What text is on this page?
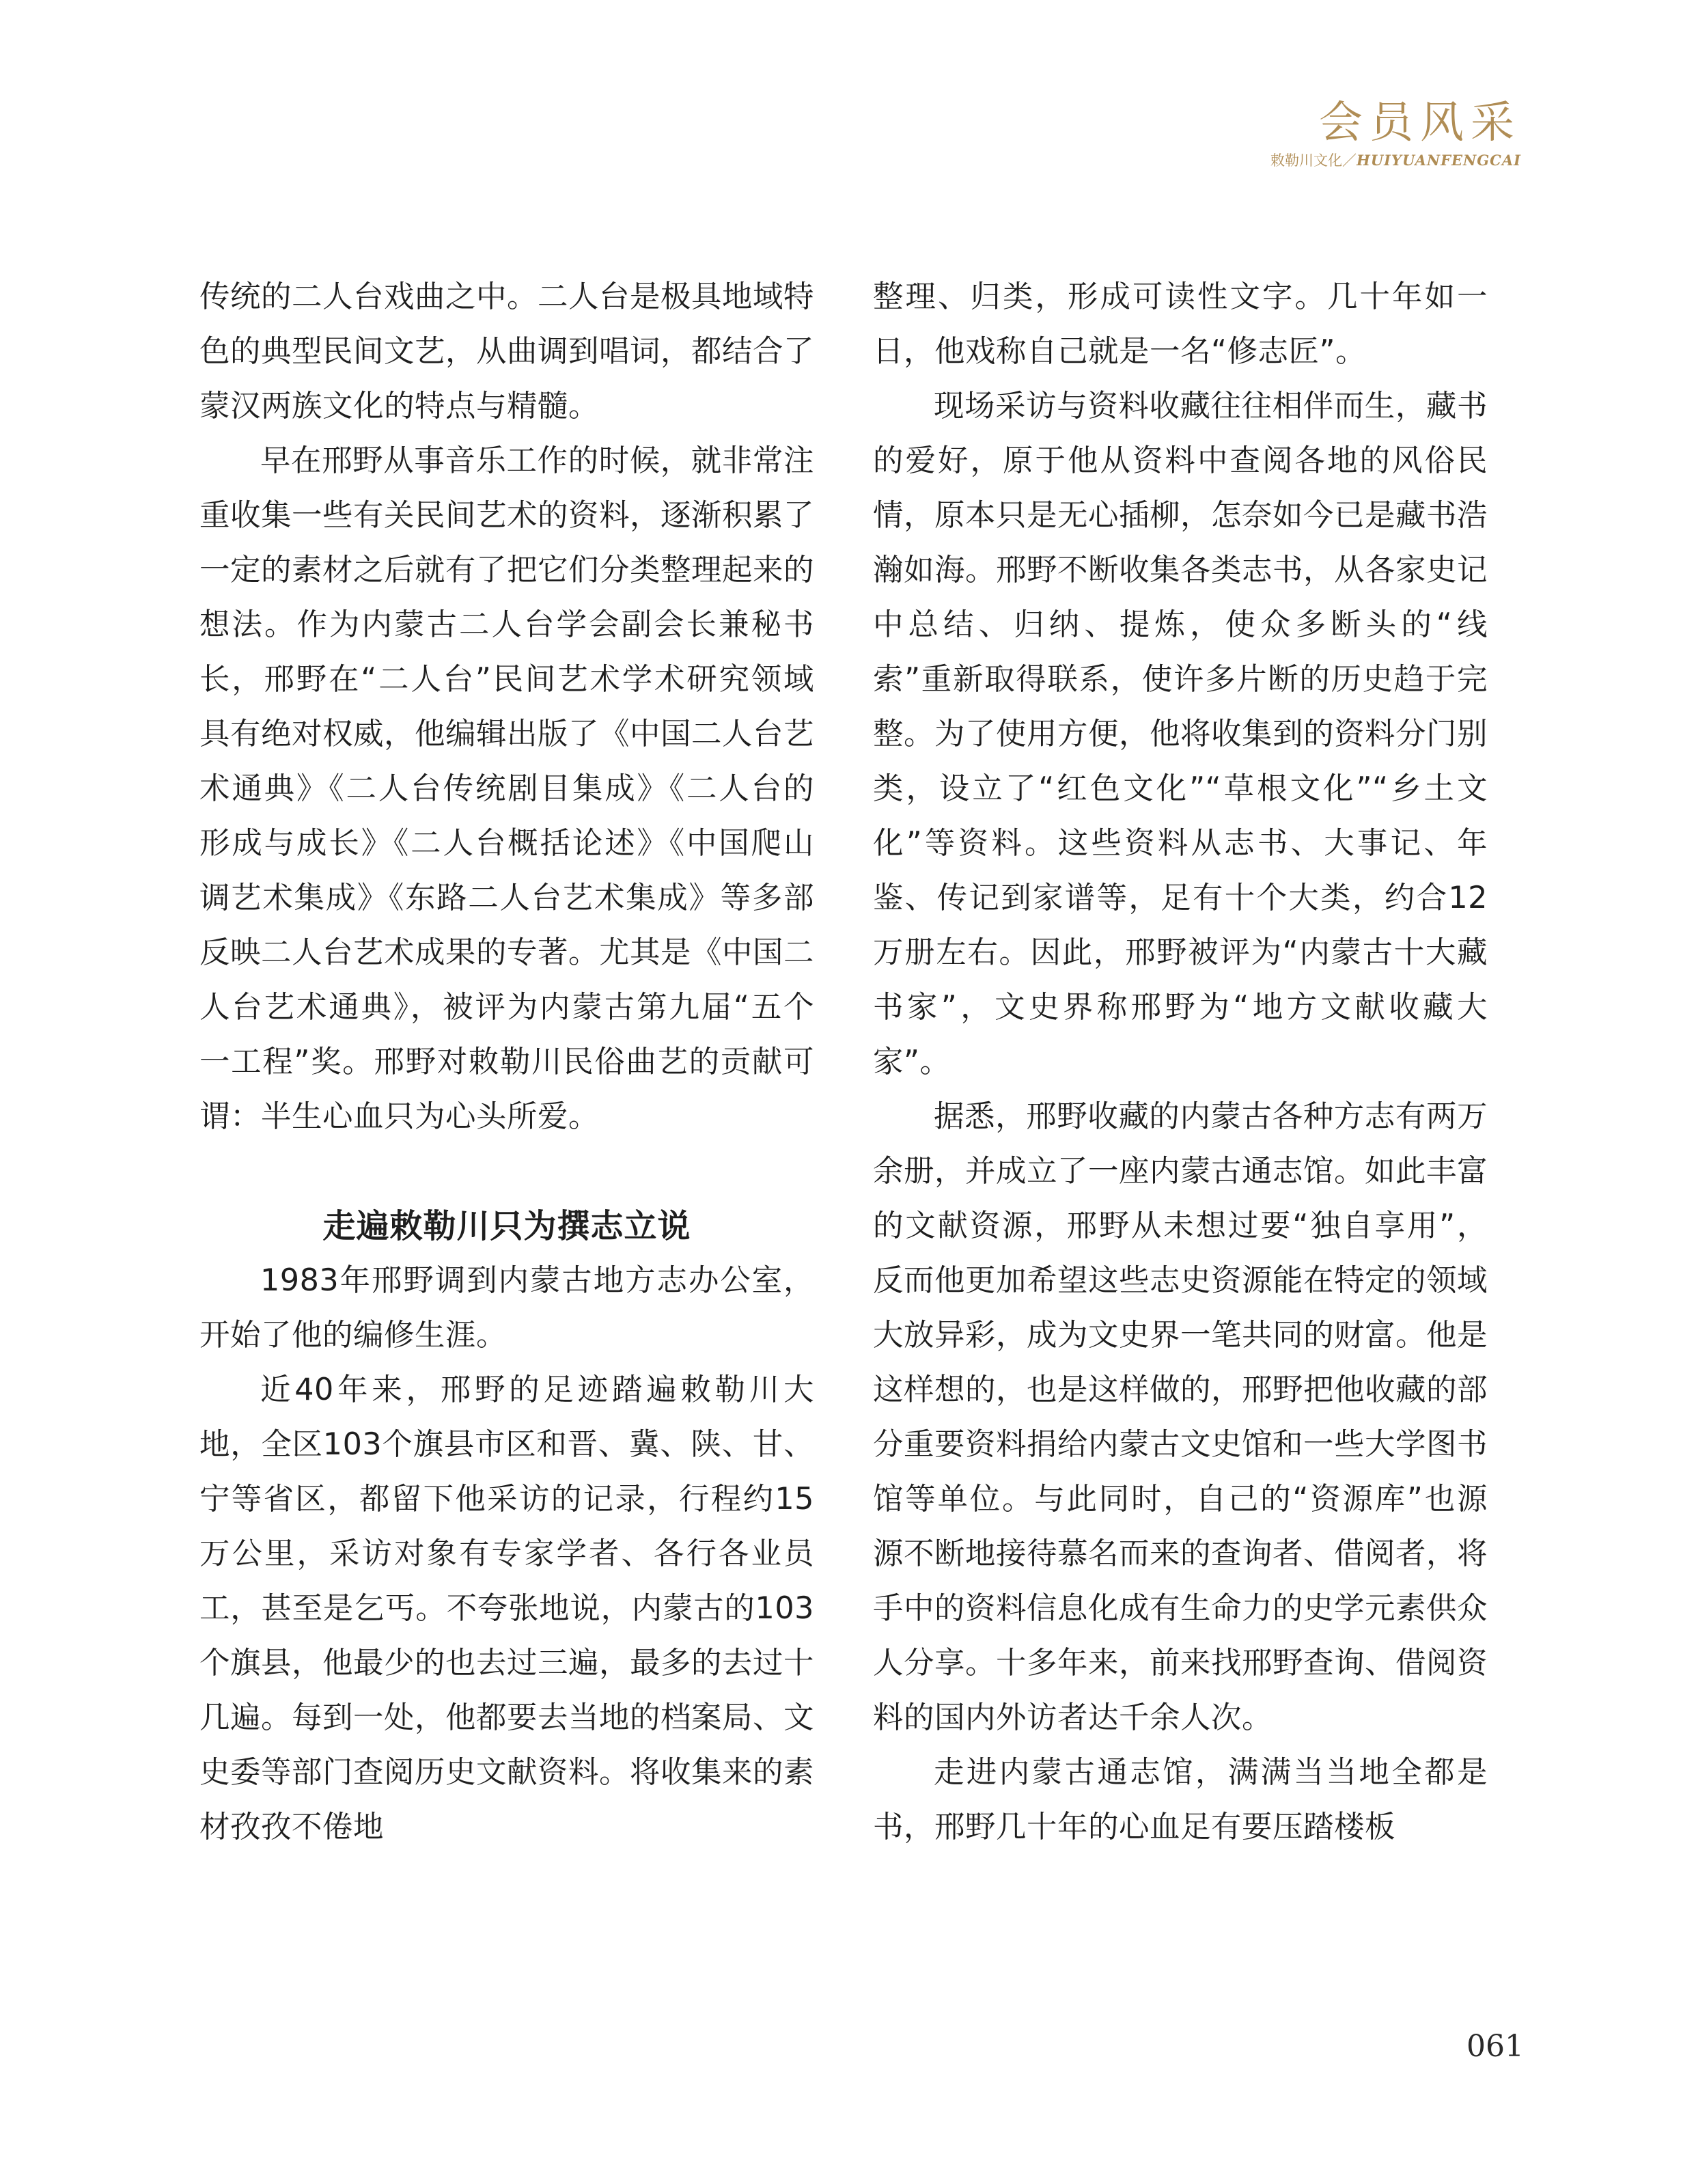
会员风采
敕勒川文化／HUIYUANFENGCAI

传统的二人台戏曲之中。二人台是极具地域特色的典型民间文艺，从曲调到唱词，都结合了蒙汉两族文化的特点与精髓。

早在邢野从事音乐工作的时候，就非常注重收集一些有关民间艺术的资料，逐渐积累了一定的素材之后就有了把它们分类整理起来的想法。作为内蒙古二人台学会副会长兼秘书长，邢野在“二人台”民间艺术学术研究领域具有绝对权威，他编辑出版了《中国二人台艺术通典》《二人台传统剧目集成》《二人台的形成与成长》《二人台概括论述》《中国爬山调艺术集成》《东路二人台艺术集成》等多部反映二人台艺术成果的专著。尤其是《中国二人台艺术通典》，被评为内蒙古第九届“五个一工程”奖。邢野对敕勒川民俗曲艺的贡献可谓：半生心血只为心头所爱。

走遍敕勒川只为撰志立说

1983年邢野调到内蒙古地方志办公室，开始了他的编修生涯。

近40年来，邢野的足迹踏遍敕勒川大地，全区103个旗县市区和晋、冀、陕、甘、宁等省区，都留下他采访的记录，行程约15万公里，采访对象有专家学者、各行各业员工，甚至是乞丐。不夸张地说，内蒙古的103个旗县，他最少的也去过三遍，最多的去过十几遍。每到一处，他都要去当地的档案局、文史委等部门查阅历史文献资料。将收集来的素材孜孜不倦地

整理、归类，形成可读性文字。几十年如一日，他戏称自己就是一名“修志匠”。

现场采访与资料收藏往往相伴而生，藏书的爱好，原于他从资料中查阅各地的风俗民情，原本只是无心插柳，怎奈如今已是藏书浩瀚如海。邢野不断收集各类志书，从各家史记中总结、归纳、提炼，使众多断头的“线索”重新取得联系，使许多片断的历史趋于完整。为了使用方便，他将收集到的资料分门别类，设立了“红色文化”“草根文化”“乡土文化”等资料。这些资料从志书、大事记、年鉴、传记到家谱等，足有十个大类，约合12万册左右。因此，邢野被评为“内蒙古十大藏书家”，文史界称邢野为“地方文献收藏大家”。

据悉，邢野收藏的内蒙古各种方志有两万余册，并成立了一座内蒙古通志馆。如此丰富的文献资源，邢野从未想过要“独自享用”，反而他更加希望这些志史资源能在特定的领域大放异彩，成为文史界一笔共同的财富。他是这样想的，也是这样做的，邢野把他收藏的部分重要资料捐给内蒙古文史馆和一些大学图书馆等单位。与此同时，自己的“资源库”也源源不断地接待慕名而来的查询者、借阅者，将手中的资料信息化成有生命力的史学元素供众人分享。十多年来，前来找邢野查询、借阅资料的国内外访者达千余人次。

走进内蒙古通志馆，满满当当地全都是书，邢野几十年的心血足有要压踏楼板

061
